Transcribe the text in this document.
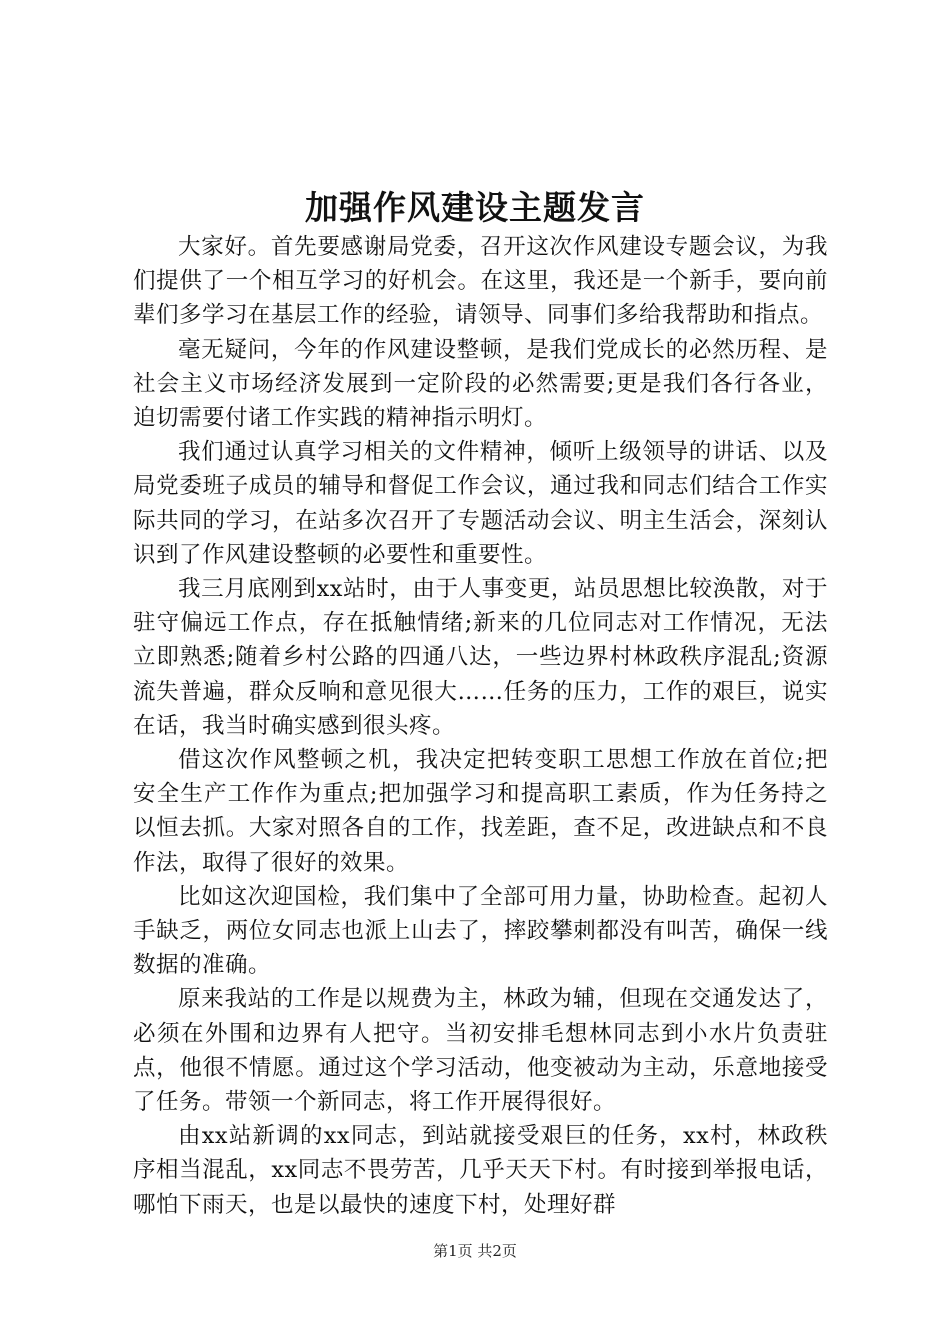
加强作风建设主题发言

大家好。首先要感谢局党委，召开这次作风建设专题会议，为我们提供了一个相互学习的好机会。在这里，我还是一个新手，要向前辈们多学习在基层工作的经验，请领导、同事们多给我帮助和指点。

毫无疑问，今年的作风建设整顿，是我们党成长的必然历程、是社会主义市场经济发展到一定阶段的必然需要;更是我们各行各业，迫切需要付诸工作实践的精神指示明灯。

我们通过认真学习相关的文件精神，倾听上级领导的讲话、以及局党委班子成员的辅导和督促工作会议，通过我和同志们结合工作实际共同的学习，在站多次召开了专题活动会议、明主生活会，深刻认识到了作风建设整顿的必要性和重要性。

我三月底刚到xx站时，由于人事变更，站员思想比较涣散，对于驻守偏远工作点，存在抵触情绪;新来的几位同志对工作情况，无法立即熟悉;随着乡村公路的四通八达，一些边界村林政秩序混乱;资源流失普遍，群众反响和意见很大……任务的压力，工作的艰巨，说实在话，我当时确实感到很头疼。

借这次作风整顿之机，我决定把转变职工思想工作放在首位;把安全生产工作作为重点;把加强学习和提高职工素质，作为任务持之以恒去抓。大家对照各自的工作，找差距，查不足，改进缺点和不良作法，取得了很好的效果。

比如这次迎国检，我们集中了全部可用力量，协助检查。起初人手缺乏，两位女同志也派上山去了，摔跤攀刺都没有叫苦，确保一线数据的准确。

原来我站的工作是以规费为主，林政为辅，但现在交通发达了，必须在外围和边界有人把守。当初安排毛想林同志到小水片负责驻点，他很不情愿。通过这个学习活动，他变被动为主动，乐意地接受了任务。带领一个新同志，将工作开展得很好。

由xx站新调的xx同志，到站就接受艰巨的任务，xx村，林政秩序相当混乱，xx同志不畏劳苦，几乎天天下村。有时接到举报电话，哪怕下雨天，也是以最快的速度下村，处理好群

第1页 共2页
